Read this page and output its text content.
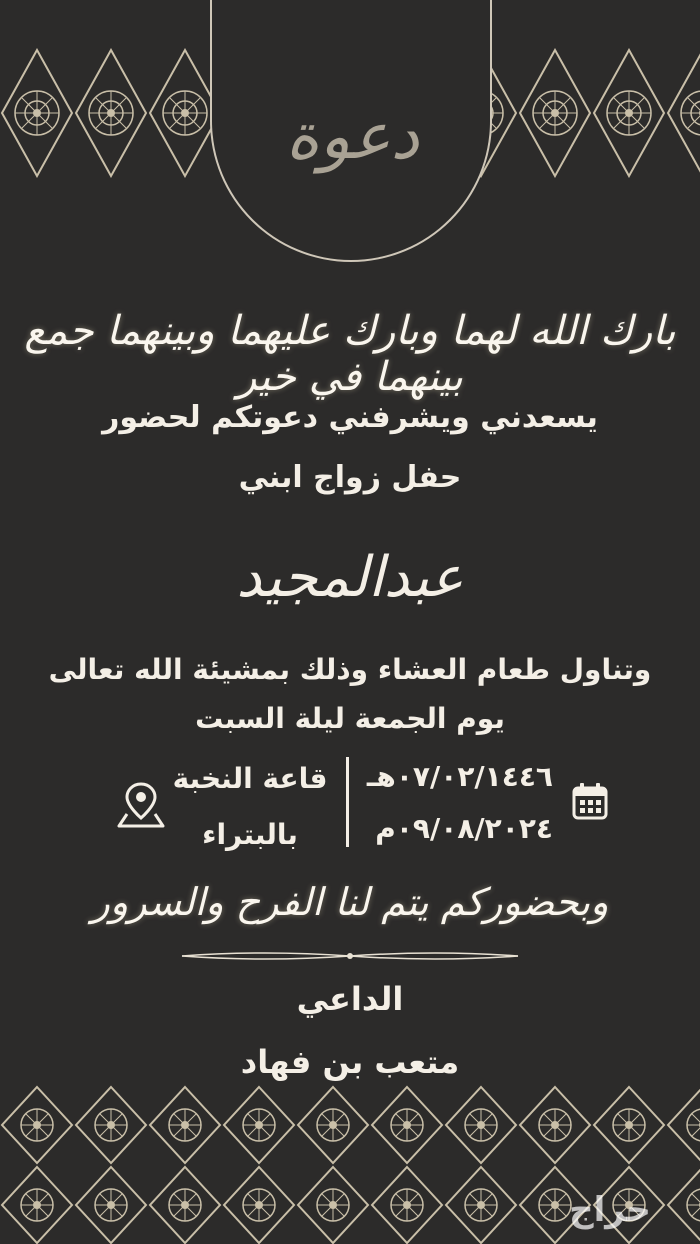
دعوة
بارك الله لهما وبارك عليهما وبينهما جمع بينهما في خير
يسعدني ويشرفني دعوتكم لحضور
حفل زواج ابني
عبدالمجيد
وتناول طعام العشاء وذلك بمشيئة الله تعالى
يوم الجمعة ليلة السبت
٠٧/٠٢/١٤٤٦هـ
٠٩/٠٨/٢٠٢٤م
قاعة النخبة
بالبتراء
وبحضوركم يتم لنا الفرح والسرور
الداعي
متعب بن فهاد
حراج
